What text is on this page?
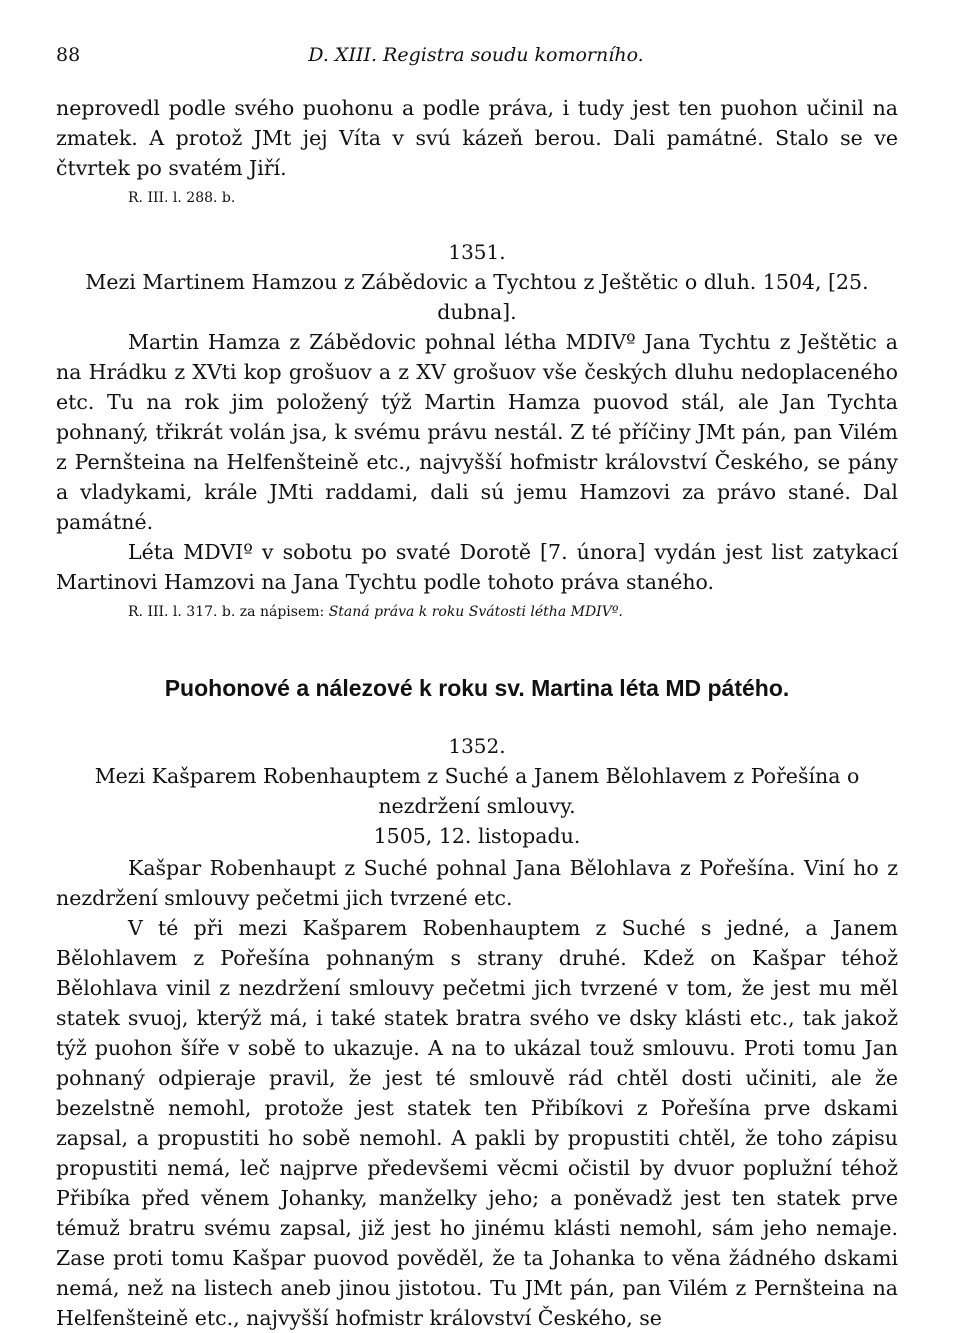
88	D. XIII. Registra soudu komorního.

neprovedl podle svého puohonu a podle práva, i tudy jest ten puohon učinil na zmatek. A protož JMt jej Víta v svú kázeň berou. Dali památné. Stalo se ve čtvrtek po svatém Jiří.

R. III. l. 288. b.
1351.
Mezi Martinem Hamzou z Zábědovic a Tychtou z Ještětic o dluh. 1504, [25. dubna].

Martin Hamza z Zábědovic pohnal létha MDIVº Jana Tychtu z Ještětic a na Hrádku z XVti kop grošuov a z XV grošuov vše českých dluhu nedoplaceného etc. Tu na rok jim položený týž Martin Hamza puovod stál, ale Jan Tychta pohnaný, třikrát volán jsa, k svému právu nestál. Z té příčiny JMt pán, pan Vilém z Pernšteina na Helfenšteině etc., najvyšší hofmistr království Českého, se pány a vladykami, krále JMti raddami, dali sú jemu Hamzovi za právo stané. Dal památné.

Léta MDVIº v sobotu po svaté Dorotě [7. února] vydán jest list zatykací Martinovi Hamzovi na Jana Tychtu podle tohoto práva staného.

R. III. l. 317. b. za nápisem: Staná práva k roku Svátosti létha MDIVº.
Puohonové a nálezové k roku sv. Martina léta MD pátého.
1352.
Mezi Kašparem Robenhauptem z Suché a Janem Bělohlavem z Pořešína o nezdržení smlouvy.
1505, 12. listopadu.

Kašpar Robenhaupt z Suché pohnal Jana Bělohlava z Pořešína. Viní ho z nezdržení smlouvy pečetmi jich tvrzené etc.

V té při mezi Kašparem Robenhauptem z Suché s jedné, a Janem Bělohlavem z Pořešína pohnaným s strany druhé. Kdež on Kašpar téhož Bělohlava vinil z nezdržení smlouvy pečetmi jich tvrzené v tom, že jest mu měl statek svuoj, kterýž má, i také statek bratra svého ve dsky klásti etc., tak jakož týž puohon šíře v sobě to ukazuje. A na to ukázal touž smlouvu. Proti tomu Jan pohnaný odpieraje pravil, že jest té smlouvě rád chtěl dosti učiniti, ale že bezelstně nemohl, protože jest statek ten Přibíkovi z Pořešína prve dskami zapsal, a propustiti ho sobě nemohl. A pakli by propustiti chtěl, že toho zápisu propustiti nemá, leč najprve předevšemi věcmi očistil by dvuor poplužní téhož Přibíka před věnem Johanky, manželky jeho; a poněvadž jest ten statek prve témuž bratru svému zapsal, již jest ho jinému klásti nemohl, sám jeho nemaje. Zase proti tomu Kašpar puovod pověděl, že ta Johanka to věna žádného dskami nemá, než na listech aneb jinou jistotou. Tu JMt pán, pan Vilém z Pernšteina na Helfenšteině etc., najvyšší hofmistr království Českého, se
